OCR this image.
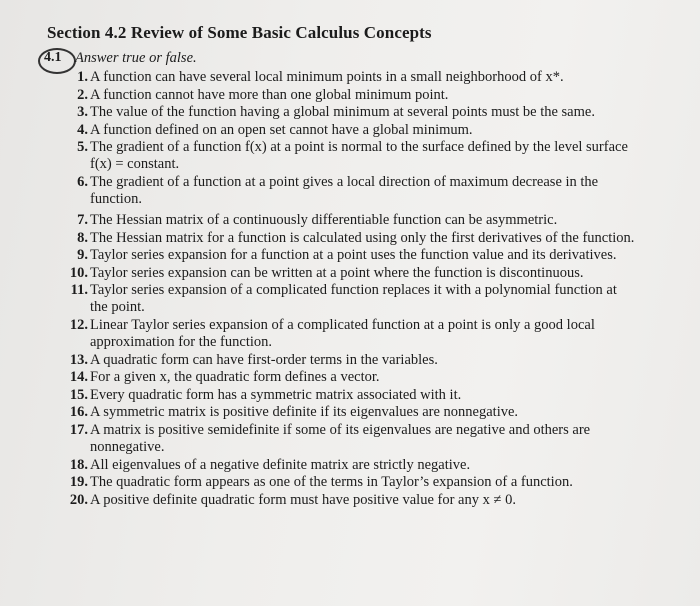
Section 4.2 Review of Some Basic Calculus Concepts
4.1 Answer true or false.
1. A function can have several local minimum points in a small neighborhood of x*.
2. A function cannot have more than one global minimum point.
3. The value of the function having a global minimum at several points must be the same.
4. A function defined on an open set cannot have a global minimum.
5. The gradient of a function f(x) at a point is normal to the surface defined by the level surface f(x) = constant.
6. The gradient of a function at a point gives a local direction of maximum decrease in the function.
7. The Hessian matrix of a continuously differentiable function can be asymmetric.
8. The Hessian matrix for a function is calculated using only the first derivatives of the function.
9. Taylor series expansion for a function at a point uses the function value and its derivatives.
10. Taylor series expansion can be written at a point where the function is discontinuous.
11. Taylor series expansion of a complicated function replaces it with a polynomial function at the point.
12. Linear Taylor series expansion of a complicated function at a point is only a good local approximation for the function.
13. A quadratic form can have first-order terms in the variables.
14. For a given x, the quadratic form defines a vector.
15. Every quadratic form has a symmetric matrix associated with it.
16. A symmetric matrix is positive definite if its eigenvalues are nonnegative.
17. A matrix is positive semidefinite if some of its eigenvalues are negative and others are nonnegative.
18. All eigenvalues of a negative definite matrix are strictly negative.
19. The quadratic form appears as one of the terms in Taylor’s expansion of a function.
20. A positive definite quadratic form must have positive value for any x ≠ 0.
